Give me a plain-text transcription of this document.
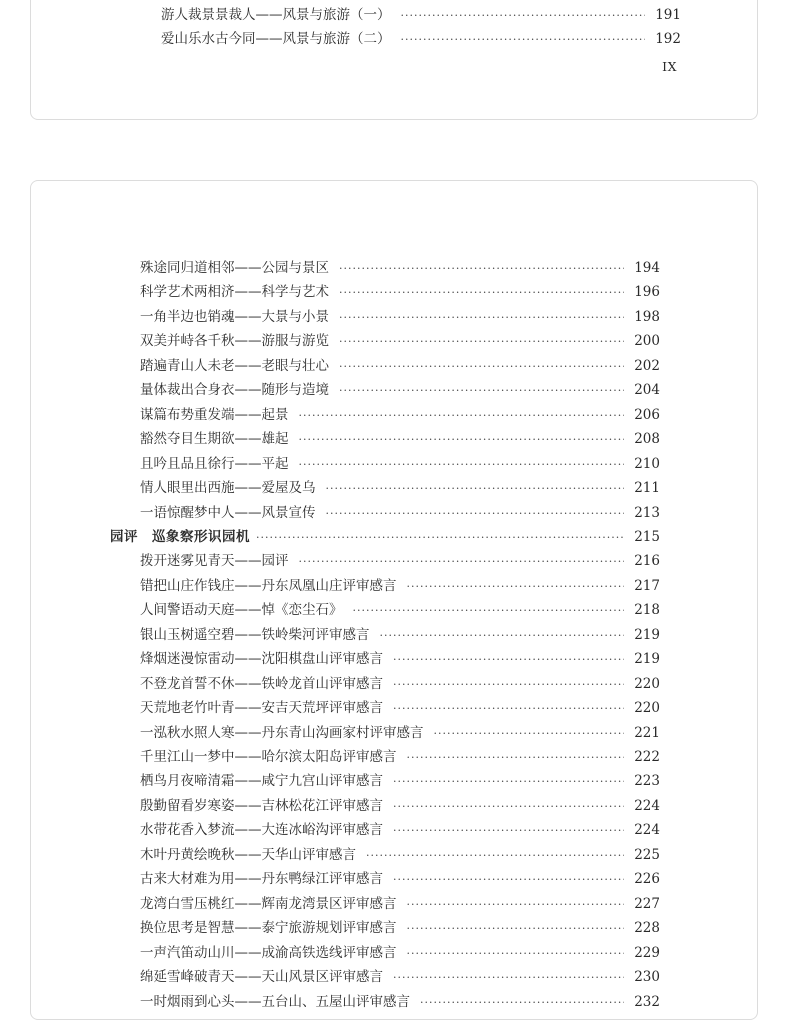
游人裁景景裁人——风景与旅游（一） ·····	191
爱山乐水古今同——风景与旅游（二） ·····	192
IX
殊途同归道相邻——公园与景区 ·····	194
科学艺术两相济——科学与艺术 ·····	196
一角半边也销魂——大景与小景 ·····	198
双美并峙各千秋——游服与游览 ·····	200
踏遍青山人未老——老眼与壮心 ·····	202
量体裁出合身衣——随形与造境 ·····	204
谋篇布势重发端——起景 ·····	206
豁然夺目生期欲——雄起 ·····	208
且吟且品且徐行——平起 ·····	210
情人眼里出西施——爱屋及乌 ·····	211
一语惊醒梦中人——风景宣传 ·····	213
园评　巡象察形识园机 ·····	215
拨开迷雾见青天——园评 ·····	216
错把山庄作钱庄——丹东凤凰山庄评审感言 ·····	217
人间警语动天庭——悼《恋尘石》 ·····	218
银山玉树遥空碧——铁岭柴河评审感言 ·····	219
烽烟迷漫惊雷动——沈阳棋盘山评审感言 ·····	219
不登龙首誓不休——铁岭龙首山评审感言 ·····	220
天荒地老竹叶青——安吉天荒坪评审感言 ·····	220
一泓秋水照人寒——丹东青山沟画家村评审感言 ·····	221
千里江山一梦中——哈尔滨太阳岛评审感言 ·····	222
栖鸟月夜啼清霜——咸宁九宫山评审感言 ·····	223
殷勤留看岁寒姿——吉林松花江评审感言 ·····	224
水带花香入梦流——大连冰峪沟评审感言 ·····	224
木叶丹黄绘晚秋——天华山评审感言 ·····	225
古来大材难为用——丹东鸭绿江评审感言 ·····	226
龙湾白雪压桃红——辉南龙湾景区评审感言 ·····	227
换位思考是智慧——泰宁旅游规划评审感言 ·····	228
一声汽笛动山川——成渝高铁选线评审感言 ·····	229
绵延雪峰破青天——天山风景区评审感言 ·····	230
一时烟雨到心头——五台山、五屋山评审感言 ·····	232
